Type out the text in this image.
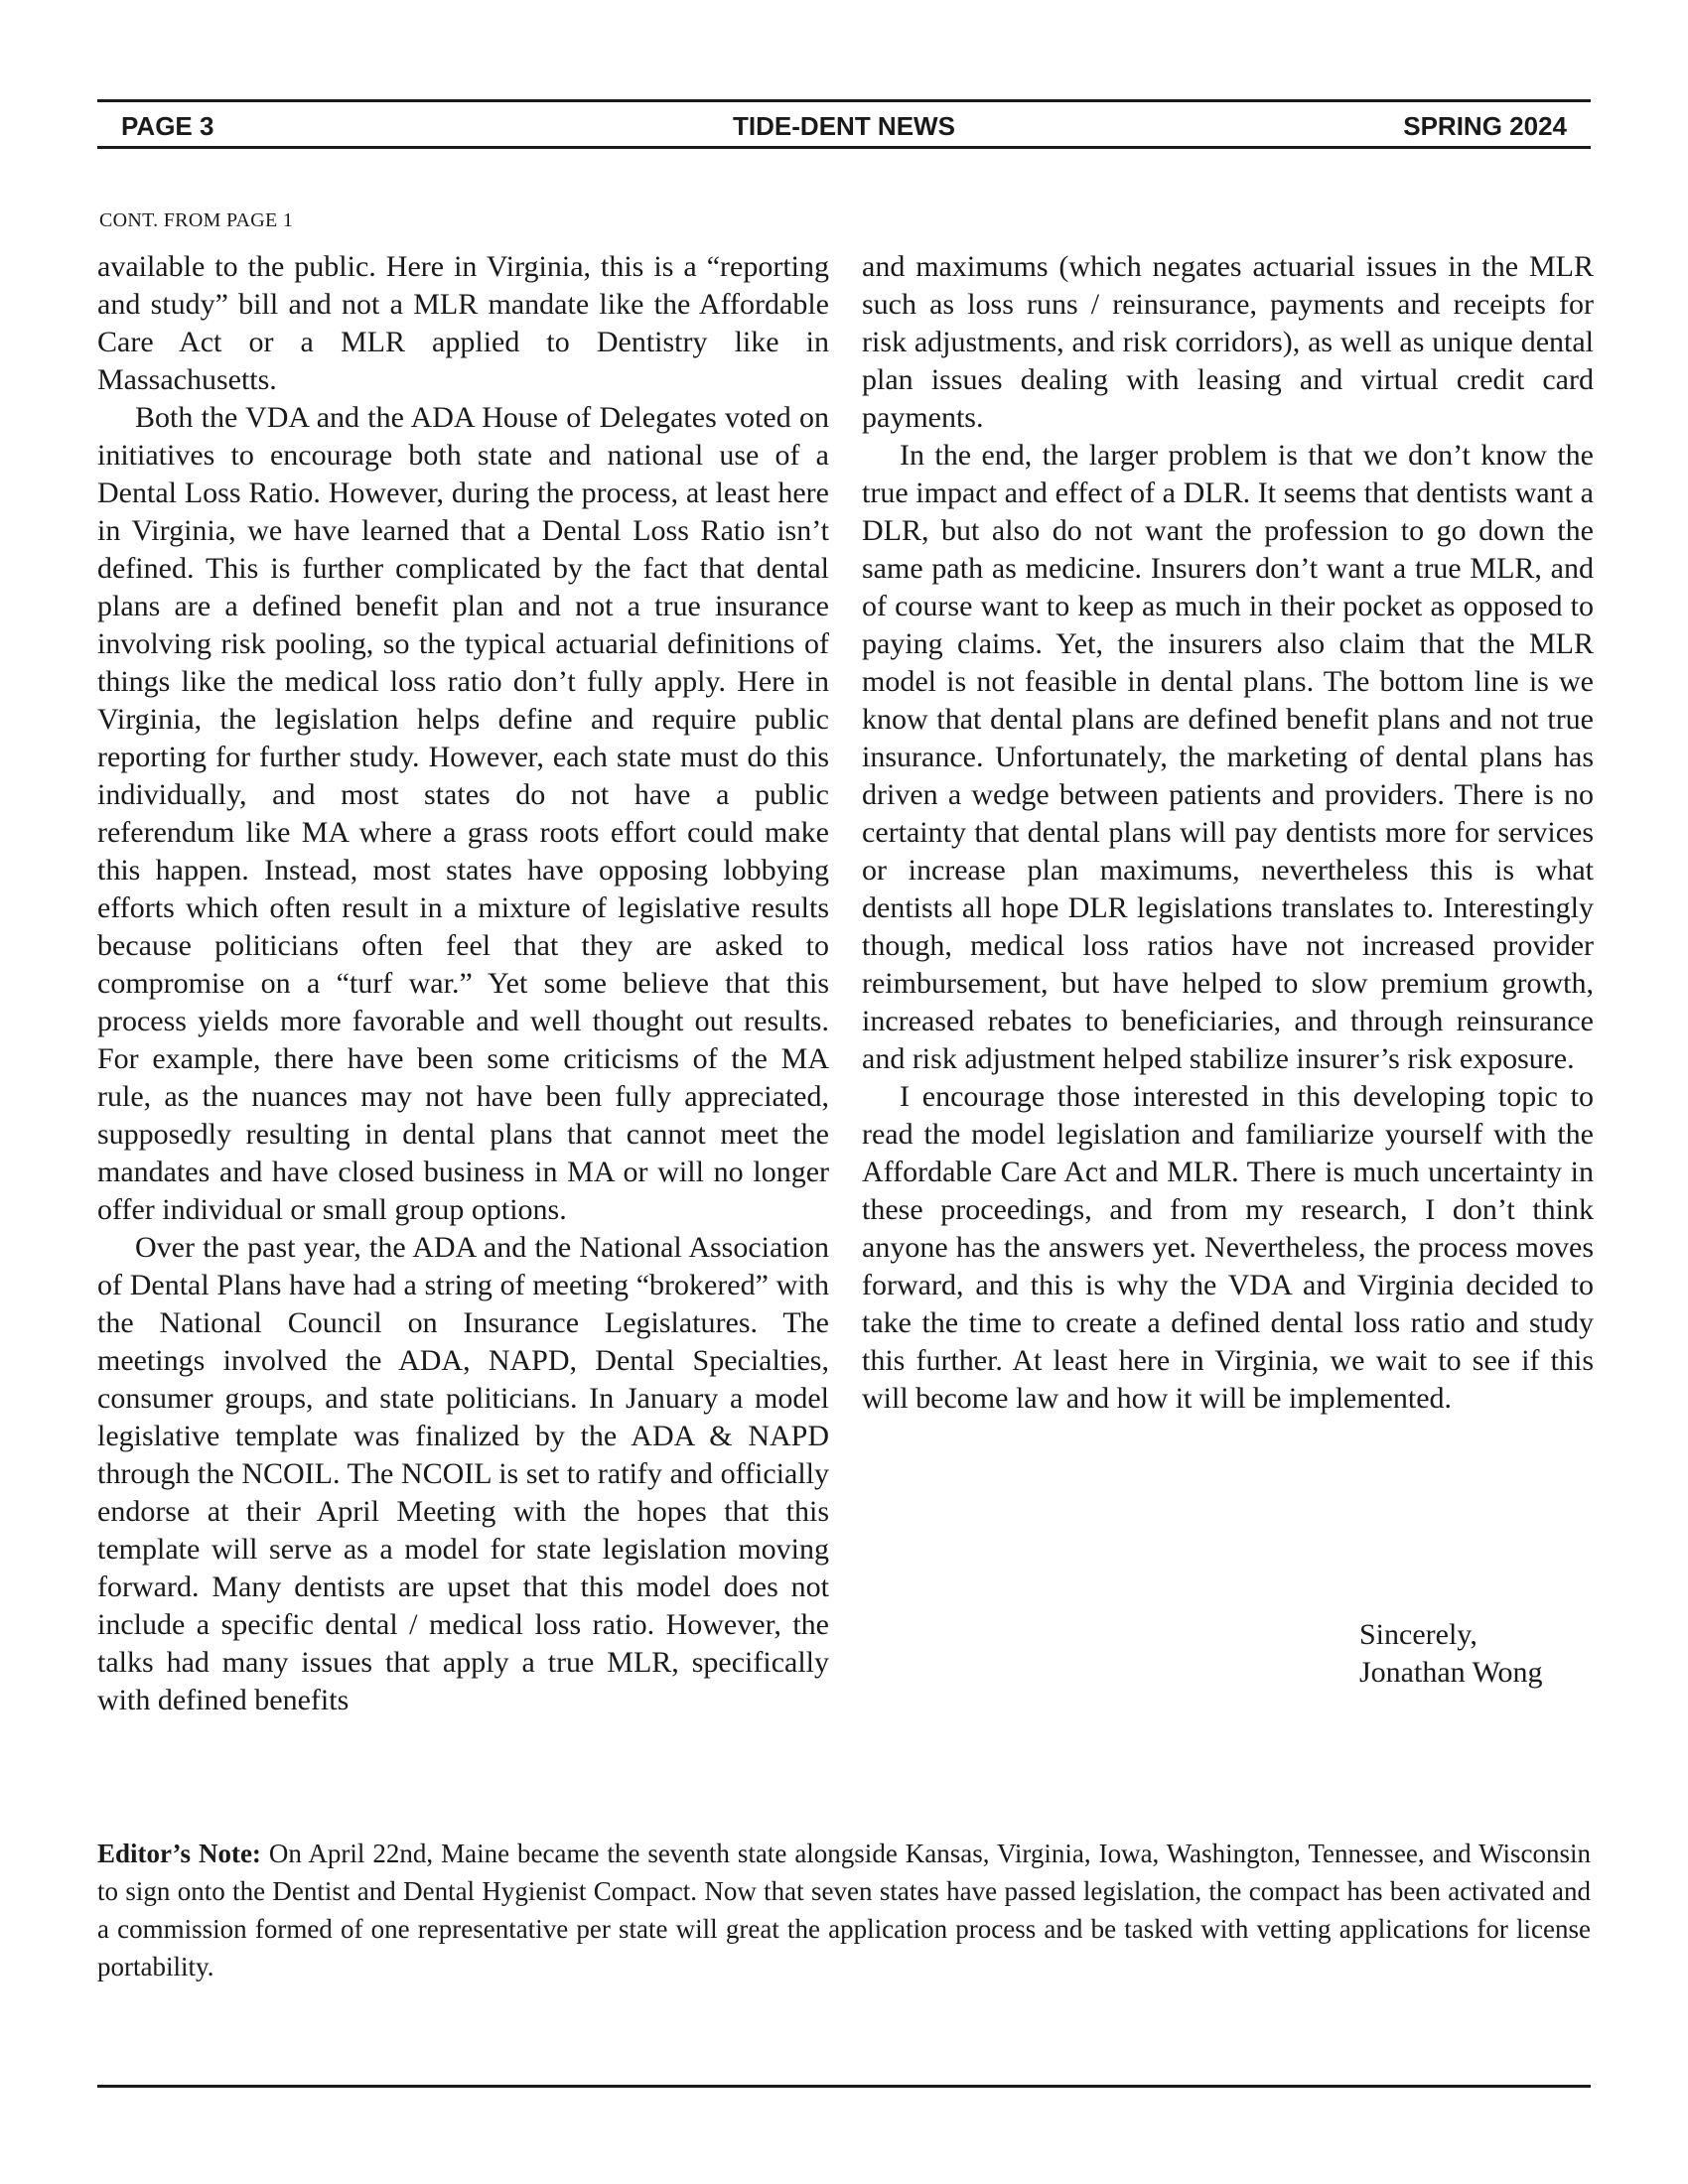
PAGE 3	TIDE-DENT NEWS	SPRING 2024
CONT. FROM PAGE 1

available to the public. Here in Virginia, this is a “reporting and study” bill and not a MLR mandate like the Affordable Care Act or a MLR applied to Dentistry like in Massachusetts.

Both the VDA and the ADA House of Delegates voted on initiatives to encourage both state and national use of a Dental Loss Ratio. However, during the process, at least here in Virginia, we have learned that a Dental Loss Ratio isn’t defined. This is further complicated by the fact that dental plans are a defined benefit plan and not a true insurance involving risk pooling, so the typical actuarial definitions of things like the medical loss ratio don’t fully apply. Here in Virginia, the legislation helps define and require public reporting for further study. However, each state must do this individually, and most states do not have a public referendum like MA where a grass roots effort could make this happen. Instead, most states have opposing lobbying efforts which often result in a mixture of legislative results because politicians often feel that they are asked to compromise on a “turf war.” Yet some believe that this process yields more favorable and well thought out results. For example, there have been some criticisms of the MA rule, as the nuances may not have been fully appreciated, supposedly resulting in dental plans that cannot meet the mandates and have closed business in MA or will no longer offer individual or small group options.

Over the past year, the ADA and the National Association of Dental Plans have had a string of meeting “brokered” with the National Council on Insurance Legislatures. The meetings involved the ADA, NAPD, Dental Specialties, consumer groups, and state politicians. In January a model legislative template was finalized by the ADA & NAPD through the NCOIL. The NCOIL is set to ratify and officially endorse at their April Meeting with the hopes that this template will serve as a model for state legislation moving forward. Many dentists are upset that this model does not include a specific dental / medical loss ratio. However, the talks had many issues that apply a true MLR, specifically with defined benefits

and maximums (which negates actuarial issues in the MLR such as loss runs / reinsurance, payments and receipts for risk adjustments, and risk corridors), as well as unique dental plan issues dealing with leasing and virtual credit card payments.

In the end, the larger problem is that we don’t know the true impact and effect of a DLR. It seems that dentists want a DLR, but also do not want the profession to go down the same path as medicine. Insurers don’t want a true MLR, and of course want to keep as much in their pocket as opposed to paying claims. Yet, the insurers also claim that the MLR model is not feasible in dental plans. The bottom line is we know that dental plans are defined benefit plans and not true insurance. Unfortunately, the marketing of dental plans has driven a wedge between patients and providers. There is no certainty that dental plans will pay dentists more for services or increase plan maximums, nevertheless this is what dentists all hope DLR legislations translates to. Interestingly though, medical loss ratios have not increased provider reimbursement, but have helped to slow premium growth, increased rebates to beneficiaries, and through reinsurance and risk adjustment helped stabilize insurer’s risk exposure.

I encourage those interested in this developing topic to read the model legislation and familiarize yourself with the Affordable Care Act and MLR. There is much uncertainty in these proceedings, and from my research, I don’t think anyone has the answers yet. Nevertheless, the process moves forward, and this is why the VDA and Virginia decided to take the time to create a defined dental loss ratio and study this further. At least here in Virginia, we wait to see if this will become law and how it will be implemented.

Sincerely,
Jonathan Wong
Editor’s Note: On April 22nd, Maine became the seventh state alongside Kansas, Virginia, Iowa, Washington, Tennessee, and Wisconsin to sign onto the Dentist and Dental Hygienist Compact. Now that seven states have passed legislation, the compact has been activated and a commission formed of one representative per state will great the application process and be tasked with vetting applications for license portability.
